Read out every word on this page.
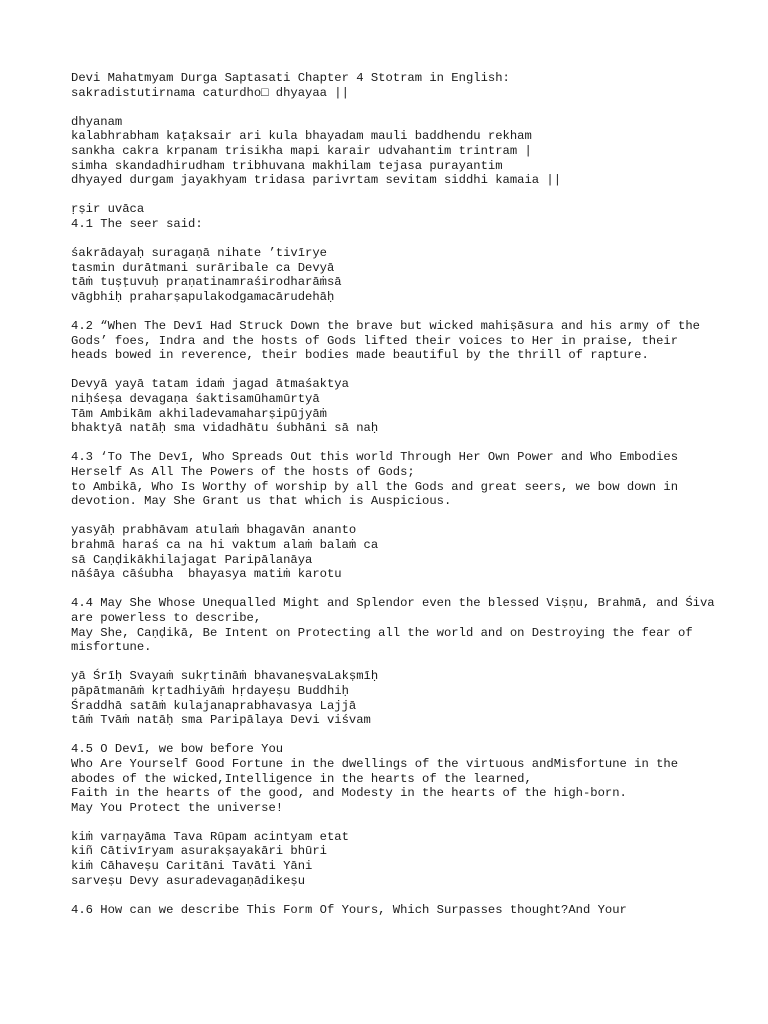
Devi Mahatmyam Durga Saptasati Chapter 4 Stotram in English:
sakradistutirnama caturdho□ dhyayaa ||
dhyanam
kalabhrabham kaṭaksair ari kula bhayadam mauli baddhendu rekham
sankha cakra krpanam trisikha mapi karair udvahantim trintram |
simha skandadhirudham tribhuvana makhilam tejasa purayantim
dhyayed durgam jayakhyam tridasa parivrtam sevitam siddhi kamaia ||
ṛṣir uvāca
4.1 The seer said:
śakrādayaḥ suragaṇā nihate ’tivīrye
tasmin durātmani surāribale ca Devyā
tāṁ tuṣṭuvuḥ praṇatinamraśirodharāṁsā
vāgbhiḥ praharṣapulakodgamacārudehāḥ
4.2 “When The Devī Had Struck Down the brave but wicked mahiṣāsura and his army of the Gods’ foes, Indra and the hosts of Gods lifted their voices to Her in praise, their heads bowed in reverence, their bodies made beautiful by the thrill of rapture.
Devyā yayā tatam idaṁ jagad ātmaśaktya
niḥśeṣa devagaṇa śaktisamūhamūrtyā
Tām Ambikām akhiladevamaharṣipūjyāṁ
bhaktyā natāḥ sma vidadhātu śubhāni sā naḥ
4.3 ‘To The Devī, Who Spreads Out this world Through Her Own Power and Who Embodies Herself As All The Powers of the hosts of Gods;
to Ambikā, Who Is Worthy of worship by all the Gods and great seers, we bow down in devotion. May She Grant us that which is Auspicious.
yasyāḥ prabhāvam atulaṁ bhagavān ananto
brahmā haraś ca na hi vaktum alaṁ balaṁ ca
sā Caṇḍikākhilajagat Paripālanāya
nāśāya cāśubha  bhayasya matiṁ karotu
4.4 May She Whose Unequalled Might and Splendor even the blessed Viṣṇu, Brahmā, and Śiva are powerless to describe,
May She, Caṇḍikā, Be Intent on Protecting all the world and on Destroying the fear of misfortune.
yā Śrīḥ Svayaṁ sukṛtināṁ bhavaneṣvaLakṣmīḥ
pāpātmanāṁ kṛtadhiyāṁ hṛdayeṣu Buddhiḥ
Śraddhā satāṁ kulajanaprabhavasya Lajjā
tāṁ Tvāṁ natāḥ sma Paripālaya Devi viśvam
4.5 O Devī, we bow before You
Who Are Yourself Good Fortune in the dwellings of the virtuous andMisfortune in the abodes of the wicked,Intelligence in the hearts of the learned,
Faith in the hearts of the good, and Modesty in the hearts of the high-born.
May You Protect the universe!
kiṁ varṇayāma Tava Rūpam acintyam etat
kiñ Cātivīryam asurakṣayakāri bhūri
kiṁ Cāhaveṣu Caritāni Tavāti Yāni
sarveṣu Devy asuradevagaṇādikeṣu
4.6 How can we describe This Form Of Yours, Which Surpasses thought?And Your
